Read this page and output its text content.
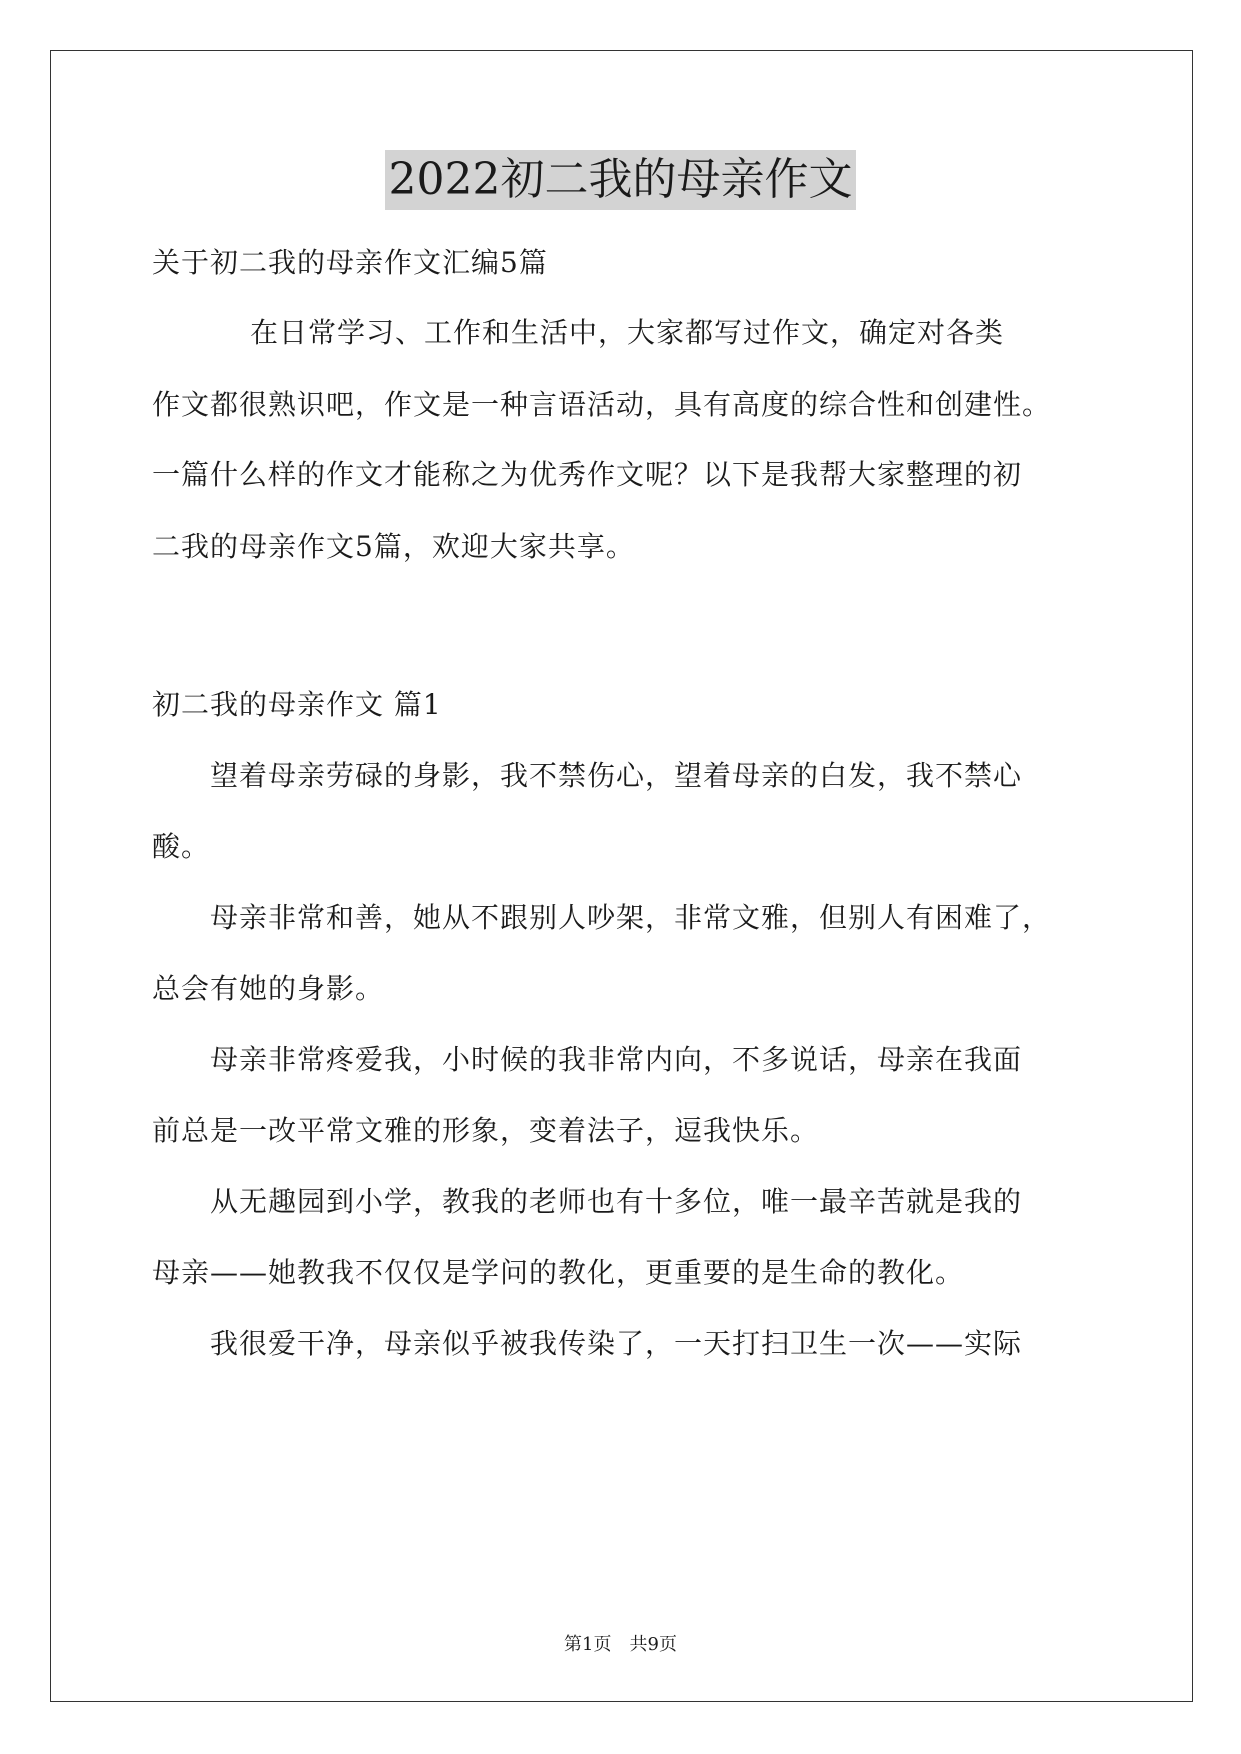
2022初二我的母亲作文
关于初二我的母亲作文汇编5篇
在日常学习、工作和生活中，大家都写过作文，确定对各类
作文都很熟识吧，作文是一种言语活动，具有高度的综合性和创建性。
一篇什么样的作文才能称之为优秀作文呢？以下是我帮大家整理的初
二我的母亲作文5篇，欢迎大家共享。
初二我的母亲作文 篇1
望着母亲劳碌的身影，我不禁伤心，望着母亲的白发，我不禁心
酸。
母亲非常和善，她从不跟别人吵架，非常文雅，但别人有困难了，
总会有她的身影。
母亲非常疼爱我，小时候的我非常内向，不多说话，母亲在我面
前总是一改平常文雅的形象，变着法子，逗我快乐。
从无趣园到小学，教我的老师也有十多位，唯一最辛苦就是我的
母亲——她教我不仅仅是学问的教化，更重要的是生命的教化。
我很爱干净，母亲似乎被我传染了，一天打扫卫生一次——实际
第1页 共9页
